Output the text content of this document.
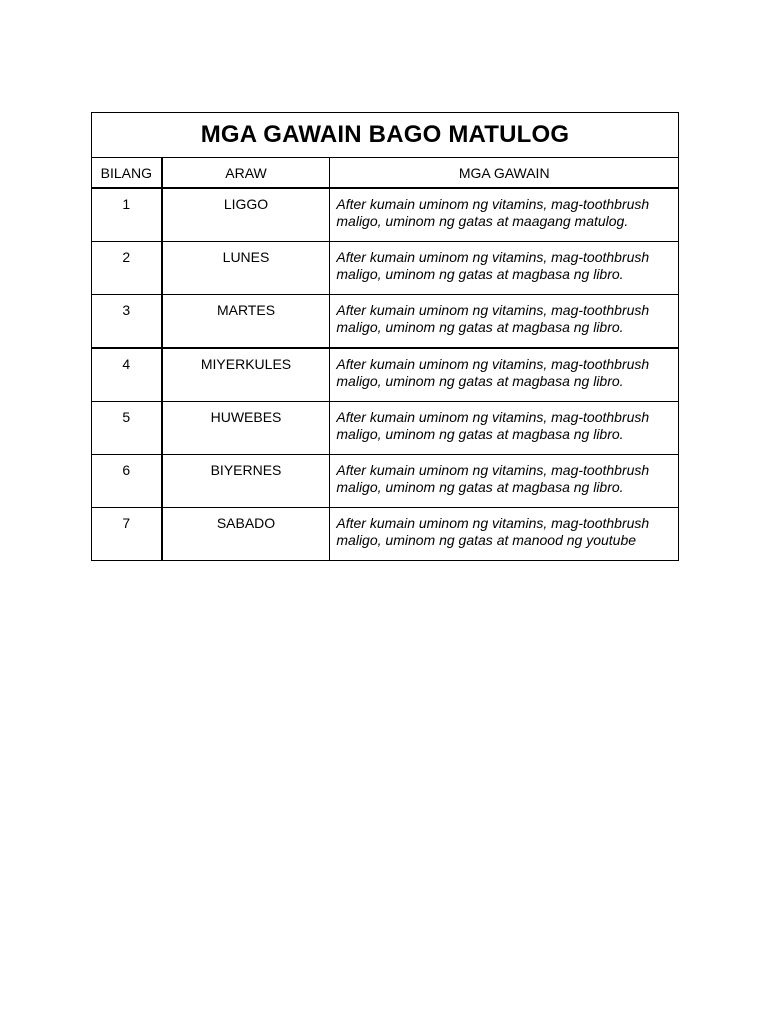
MGA GAWAIN BAGO MATULOG		
BILANG	ARAW	MGA GAWAIN
1	LIGGO	After kumain uminom ng vitamins, mag-toothbrush maligo, uminom ng gatas at maagang matulog.
2	LUNES	After kumain uminom ng vitamins, mag-toothbrush maligo, uminom ng gatas at magbasa ng libro.
3	MARTES	After kumain uminom ng vitamins, mag-toothbrush maligo, uminom ng gatas at magbasa ng libro.
4	MIYERKULES	After kumain uminom ng vitamins, mag-toothbrush maligo, uminom ng gatas at magbasa ng libro.
5	HUWEBES	After kumain uminom ng vitamins, mag-toothbrush maligo, uminom ng gatas at magbasa ng libro.
6	BIYERNES	After kumain uminom ng vitamins, mag-toothbrush maligo, uminom ng gatas at magbasa ng libro.
7	SABADO	After kumain uminom ng vitamins, mag-toothbrush maligo, uminom ng gatas at manood ng youtube
